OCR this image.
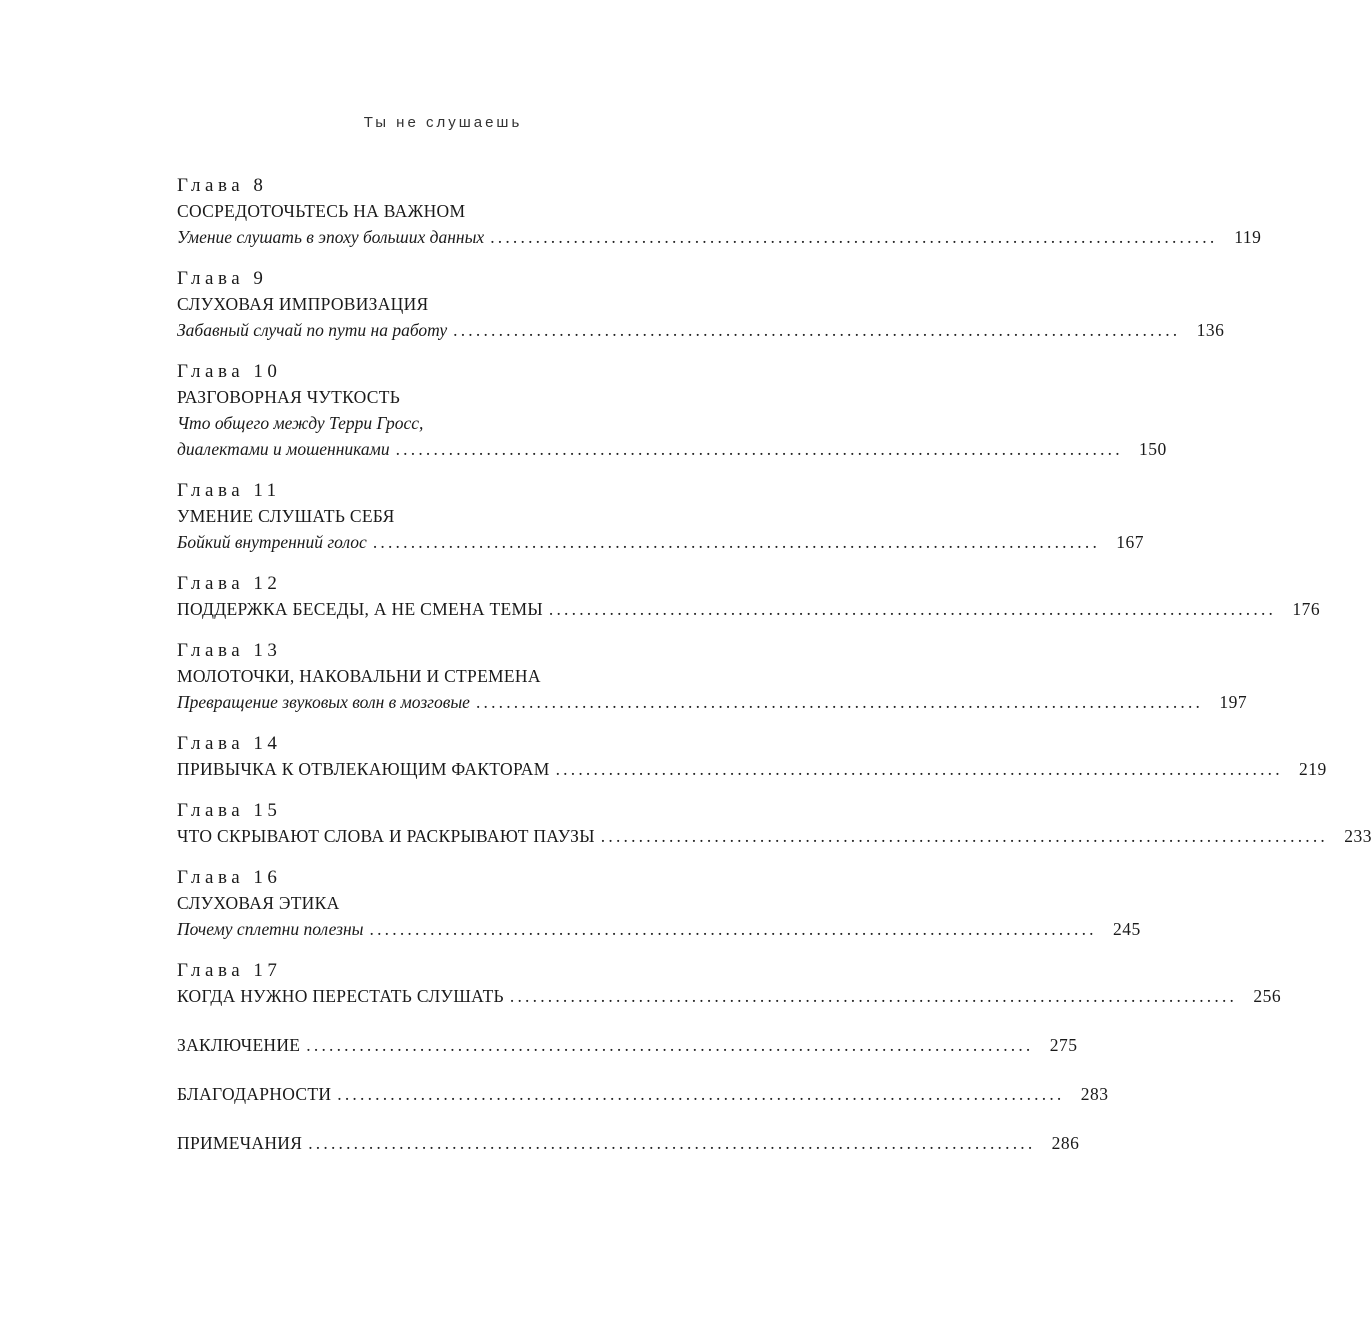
Ты не слушаешь
Глава 8
СОСРЕДОТОЧЬТЕСЬ НА ВАЖНОМ
Умение слушать в эпоху больших данных ................................................................................................ 119
Глава 9
СЛУХОВАЯ ИМПРОВИЗАЦИЯ
Забавный случай по пути на работу ................................................................................................ 136
Глава 10
РАЗГОВОРНАЯ ЧУТКОСТЬ
Что общего между Терри Гросс,
диалектами и мошенниками ................................................................................................ 150
Глава 11
УМЕНИЕ СЛУШАТЬ СЕБЯ
Бойкий внутренний голос ................................................................................................ 167
Глава 12
ПОДДЕРЖКА БЕСЕДЫ, А НЕ СМЕНА ТЕМЫ ................................................................................................ 176
Глава 13
МОЛОТОЧКИ, НАКОВАЛЬНИ И СТРЕМЕНА
Превращение звуковых волн в мозговые ................................................................................................ 197
Глава 14
ПРИВЫЧКА К ОТВЛЕКАЮЩИМ ФАКТОРАМ ................................................................................................ 219
Глава 15
ЧТО СКРЫВАЮТ СЛОВА И РАСКРЫВАЮТ ПАУЗЫ ................................................................................................ 233
Глава 16
СЛУХОВАЯ ЭТИКА
Почему сплетни полезны ................................................................................................ 245
Глава 17
КОГДА НУЖНО ПЕРЕСТАТЬ СЛУШАТЬ ................................................................................................ 256
ЗАКЛЮЧЕНИЕ ................................................................................................ 275
БЛАГОДАРНОСТИ ................................................................................................ 283
ПРИМЕЧАНИЯ ................................................................................................ 286
